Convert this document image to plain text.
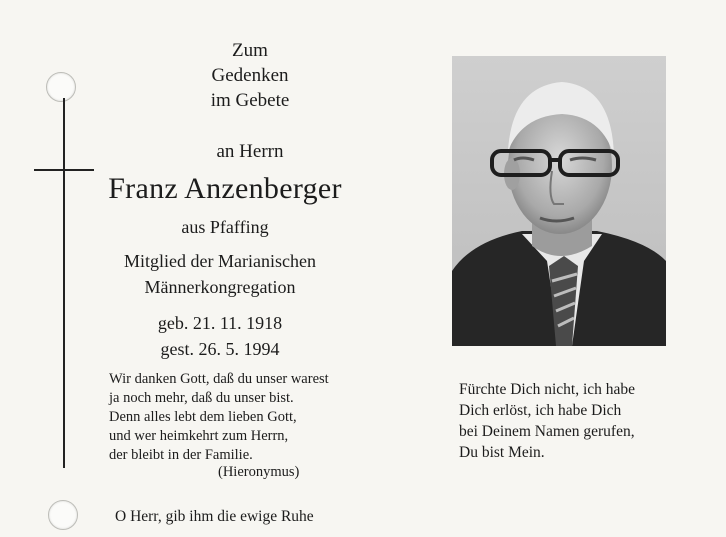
Zum
Gedenken
im Gebete
an Herrn
Franz Anzenberger
aus Pfaffing
Mitglied der Marianischen
Männerkongregation
geb. 21. 11. 1918
gest. 26. 5. 1994
Wir danken Gott, daß du unser warest
ja noch mehr, daß du unser bist.
Denn alles lebt dem lieben Gott,
und wer heimkehrt zum Herrn,
der bleibt in der Familie.
(Hieronymus)
O Herr, gib ihm die ewige Ruhe
Fürchte Dich nicht, ich habe
Dich erlöst, ich habe Dich
bei Deinem Namen gerufen,
Du bist Mein.
